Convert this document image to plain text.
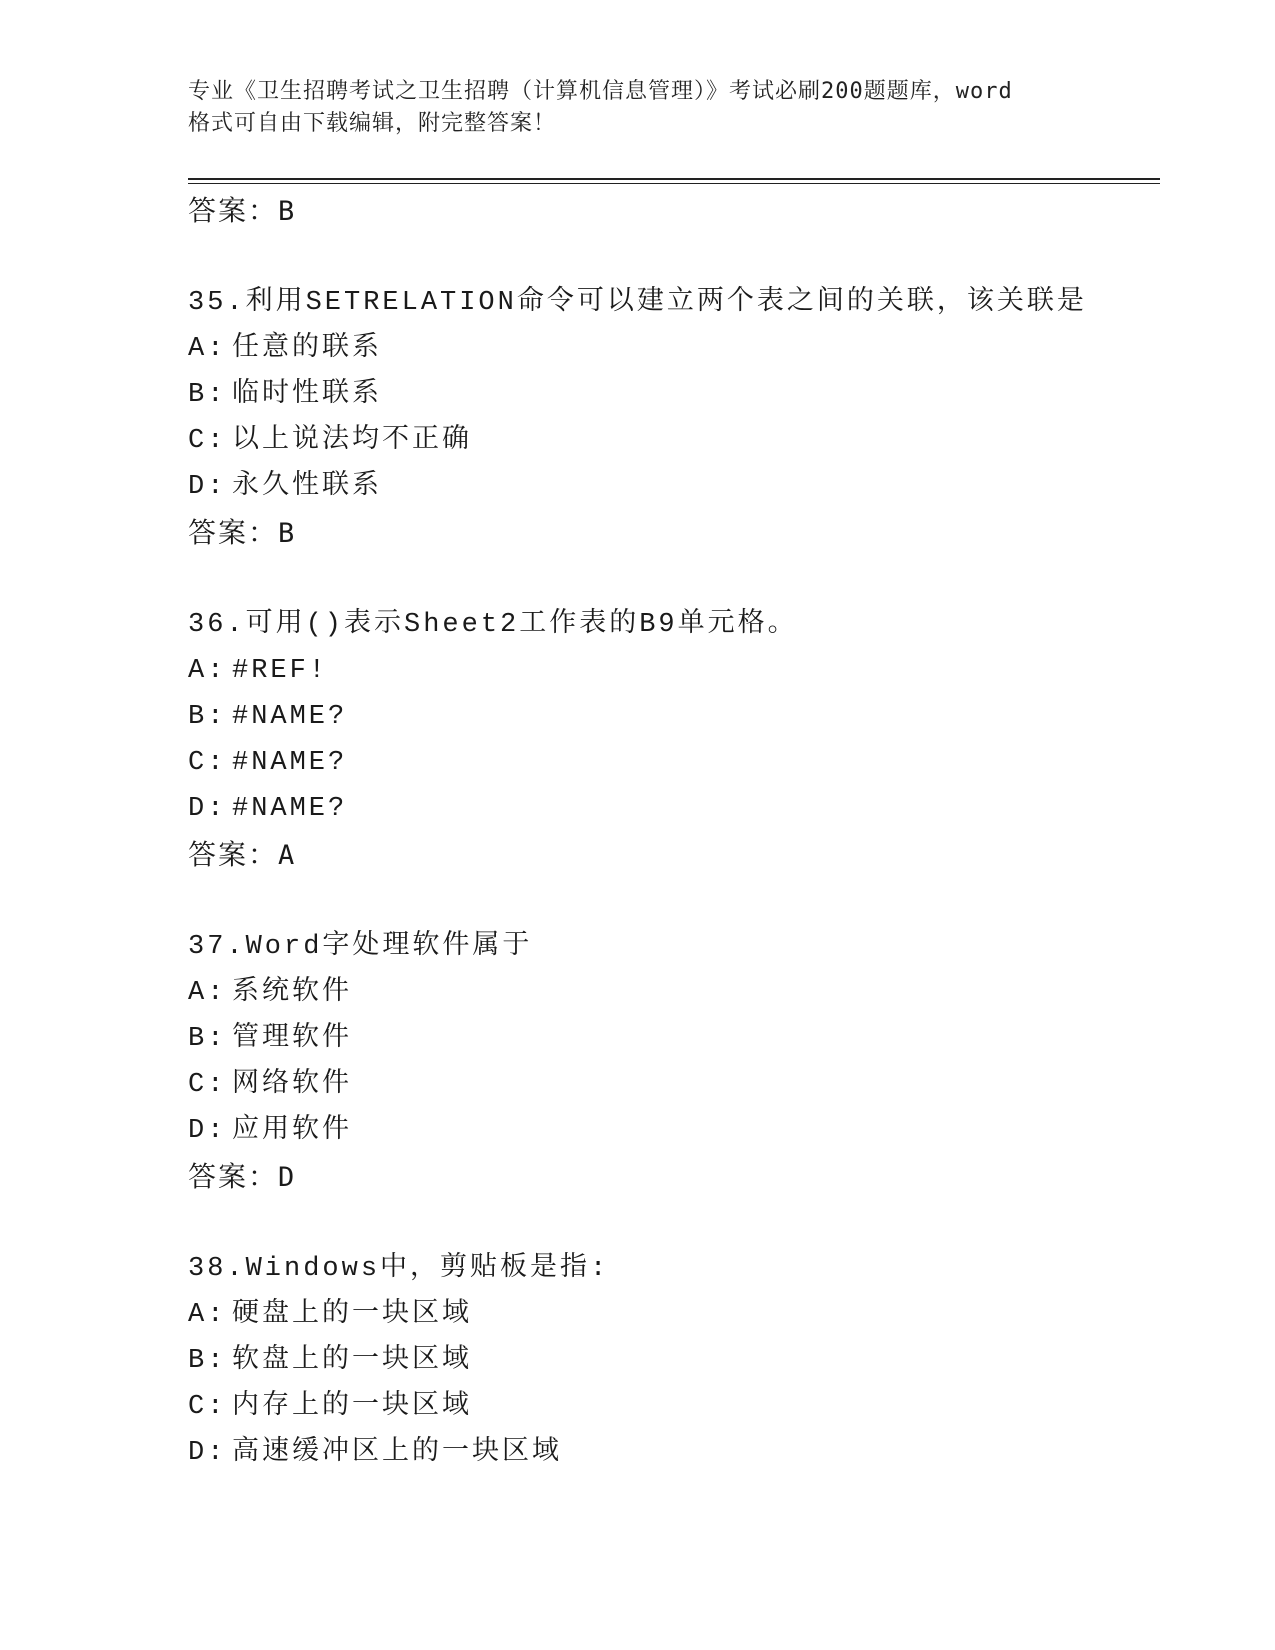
专业《卫生招聘考试之卫生招聘（计算机信息管理）》考试必刷200题题库，word
格式可自由下载编辑，附完整答案！
答案：B
35.利用SETRELATION命令可以建立两个表之间的关联，该关联是
A: 任意的联系
B: 临时性联系
C: 以上说法均不正确
D: 永久性联系
答案：B
36.可用()表示Sheet2工作表的B9单元格。
A: #REF!
B: #NAME?
C: #NAME?
D: #NAME?
答案：A
37.Word字处理软件属于
A: 系统软件
B: 管理软件
C: 网络软件
D: 应用软件
答案：D
38.Windows中，剪贴板是指:
A: 硬盘上的一块区域
B: 软盘上的一块区域
C: 内存上的一块区域
D: 高速缓冲区上的一块区域
